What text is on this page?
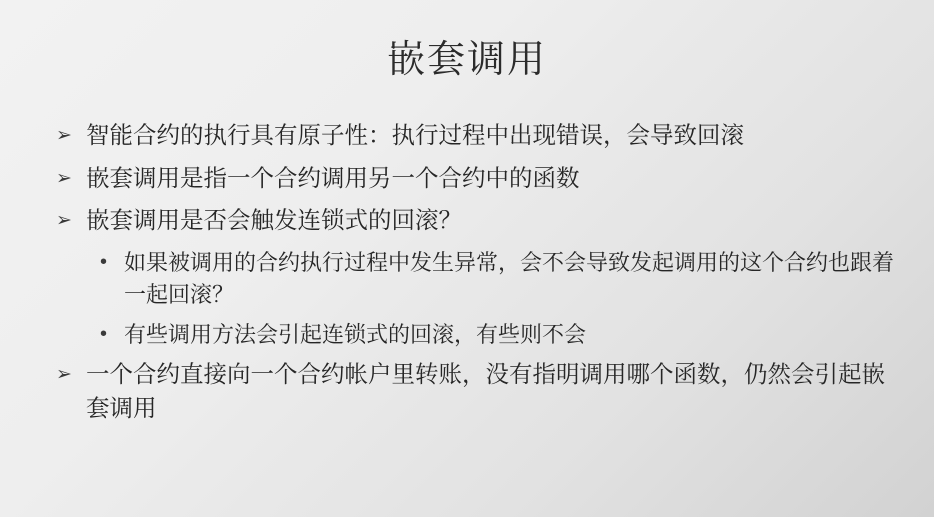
嵌套调用
➢ 智能合约的执行具有原子性：执行过程中出现错误，会导致回滚
➢ 嵌套调用是指一个合约调用另一个合约中的函数
➢ 嵌套调用是否会触发连锁式的回滚？
• 如果被调用的合约执行过程中发生异常，会不会导致发起调用的这个合约也跟着一起回滚？
• 有些调用方法会引起连锁式的回滚，有些则不会
➢ 一个合约直接向一个合约帐户里转账，没有指明调用哪个函数，仍然会引起嵌套调用
